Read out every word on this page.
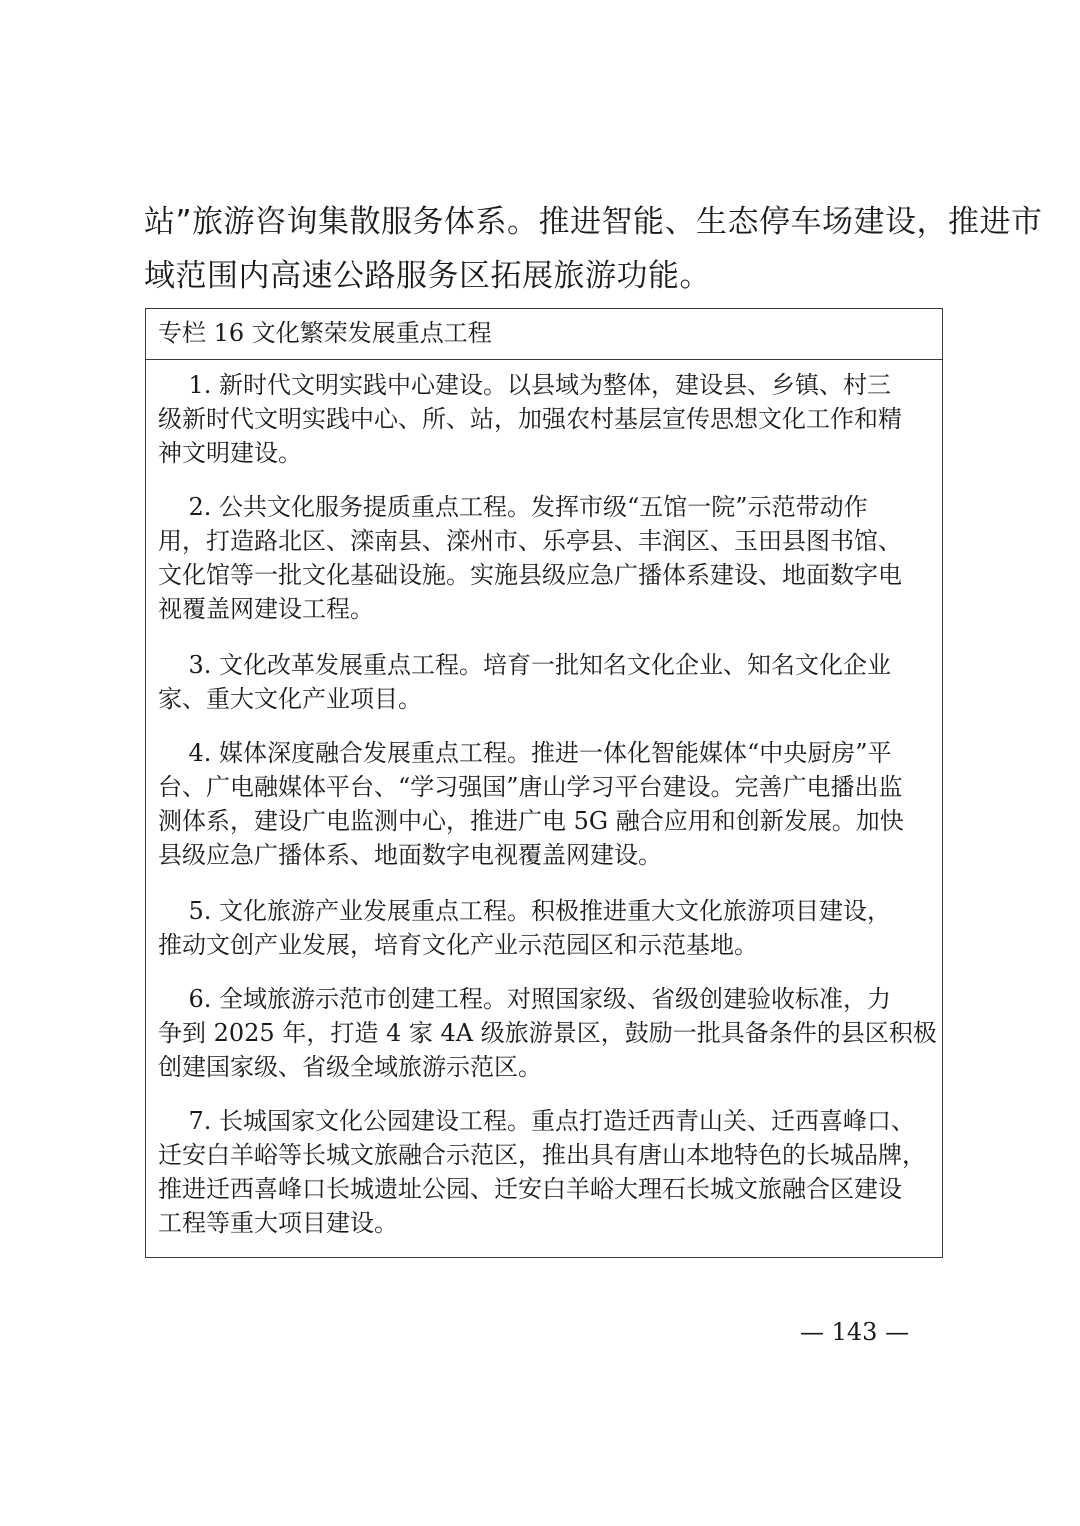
站”旅游咨询集散服务体系。推进智能、生态停车场建设，推进市
域范围内高速公路服务区拓展旅游功能。
专栏 16 文化繁荣发展重点工程
1. 新时代文明实践中心建设。以县域为整体，建设县、乡镇、村三
级新时代文明实践中心、所、站，加强农村基层宣传思想文化工作和精
神文明建设。
2. 公共文化服务提质重点工程。发挥市级“五馆一院”示范带动作
用，打造路北区、滦南县、滦州市、乐亭县、丰润区、玉田县图书馆、
文化馆等一批文化基础设施。实施县级应急广播体系建设、地面数字电
视覆盖网建设工程。
3. 文化改革发展重点工程。培育一批知名文化企业、知名文化企业
家、重大文化产业项目。
4. 媒体深度融合发展重点工程。推进一体化智能媒体“中央厨房”平
台、广电融媒体平台、“学习强国”唐山学习平台建设。完善广电播出监
测体系，建设广电监测中心，推进广电 5G 融合应用和创新发展。加快
县级应急广播体系、地面数字电视覆盖网建设。
5. 文化旅游产业发展重点工程。积极推进重大文化旅游项目建设，
推动文创产业发展，培育文化产业示范园区和示范基地。
6. 全域旅游示范市创建工程。对照国家级、省级创建验收标准，力
争到 2025 年，打造 4 家 4A 级旅游景区，鼓励一批具备条件的县区积极
创建国家级、省级全域旅游示范区。
7. 长城国家文化公园建设工程。重点打造迁西青山关、迁西喜峰口、
迁安白羊峪等长城文旅融合示范区，推出具有唐山本地特色的长城品牌，
推进迁西喜峰口长城遗址公园、迁安白羊峪大理石长城文旅融合区建设
工程等重大项目建设。
— 143 —
